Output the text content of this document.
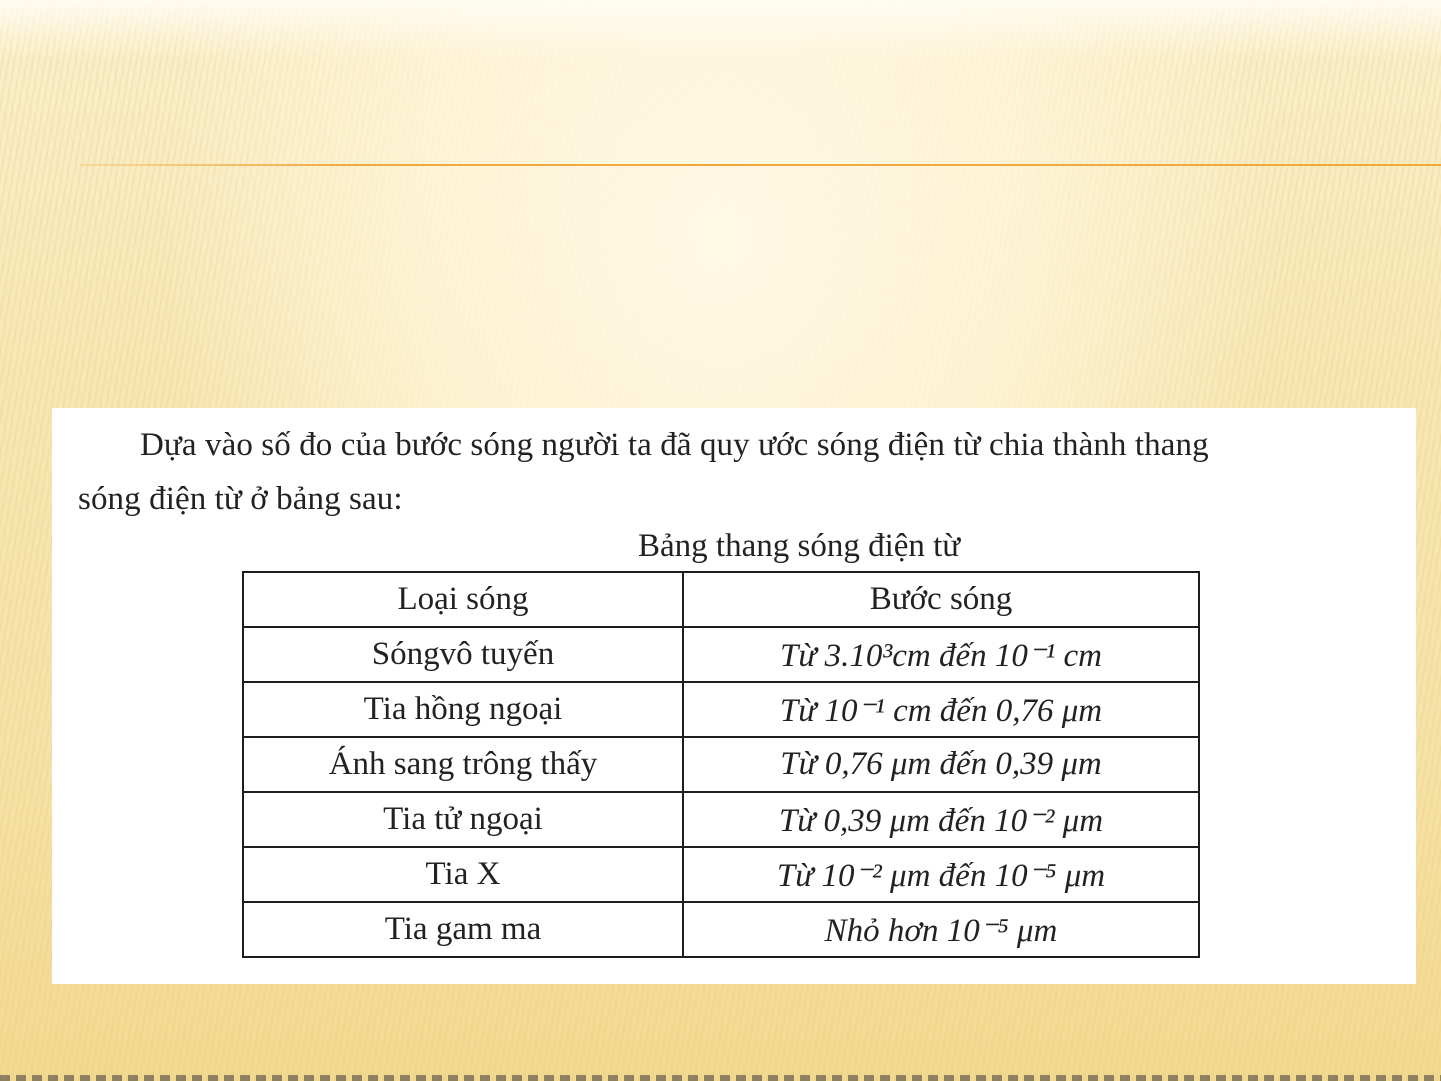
Dựa vào số đo của bước sóng người ta đã quy ước sóng điện từ chia thành thang
sóng điện từ ở bảng sau:
Bảng thang sóng điện từ
Loại sóng	Bước sóng
Sóngvô tuyến	Từ 3.10³cm đến 10⁻¹ cm
Tia hồng ngoại	Từ 10⁻¹ cm đến 0,76 μm
Ánh sang trông thấy	Từ 0,76 μm đến 0,39 μm
Tia tử ngoại	Từ 0,39 μm đến 10⁻² μm
Tia X	Từ 10⁻² μm đến 10⁻⁵ μm
Tia gam ma	Nhỏ hơn 10⁻⁵ μm
